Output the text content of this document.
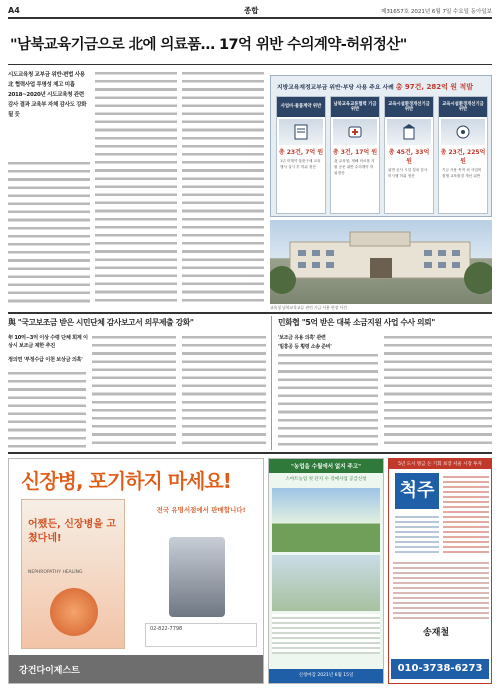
A4	종합	제31657호 2021년 6월 7일 수요일 동아일보
"남북교육기금으로 北에 의료품… 17억 위반 수의계약-허위정산"
시도교육청 교부금 위반·편법 사용 北 협력사업 투명성 제고 미흡 2018~2020년 시도교육청 관련 감사 결과 교육부 자체 감사도 강화될 듯
지방교육재정교부금 위반·부당 사용 주요 사례 총 97건, 282억 원 적발
사업비·물품계약 위반
총 23건, 7억 원
1년 미계약 물품구매 교육행사 실시 후 허위 정산
남북교육교류협력 기금 위반
총 3건, 17억 원
北 교육청, 재해 의료품 지원 공문 위반 수의계약 허위정산
교육시설환경개선기금 위반
총 45건, 33억 원
위반 공사 시설 설치 감사 미시행 허위 정산
교육시설환경개선기금 위반
총 23건, 225억 원
기금 사용 목적 외 사업비 집행 교육환경 개선 위반
교육청 남북교육교류 관련 기금 사용 현장 사진
與 "국고보조금 받은 시민단체 감사보고서 의무제출 강화"
年 10억∼3억 이상 수령 단체 회계 이상시 보조금 제한 추진
정의연 '부정수급 이천 보상금 의혹'
민화협 "5억 받은 대북 소금지원 사업 수사 의뢰"
'보조금 유용 의혹' 관련
'밑흥공 등 횡령 소송 준비'
신장병, 포기하지 마세요!
어쨌든, 신장병을 고쳤다네!
NEPHROPATHY HEALING
전국 유명서점에서 판매합니다!
02-822-7798
강건다이제스트
"농업을 수월에서 없지 주고"
스마트농업 첫 단지 수 강매사업 공급신청
신청마감 2021년 6월 15일
5년 도시 방금 돈 기회 보장 서울 시장 투자
척주
송재철
010-3738-6273
